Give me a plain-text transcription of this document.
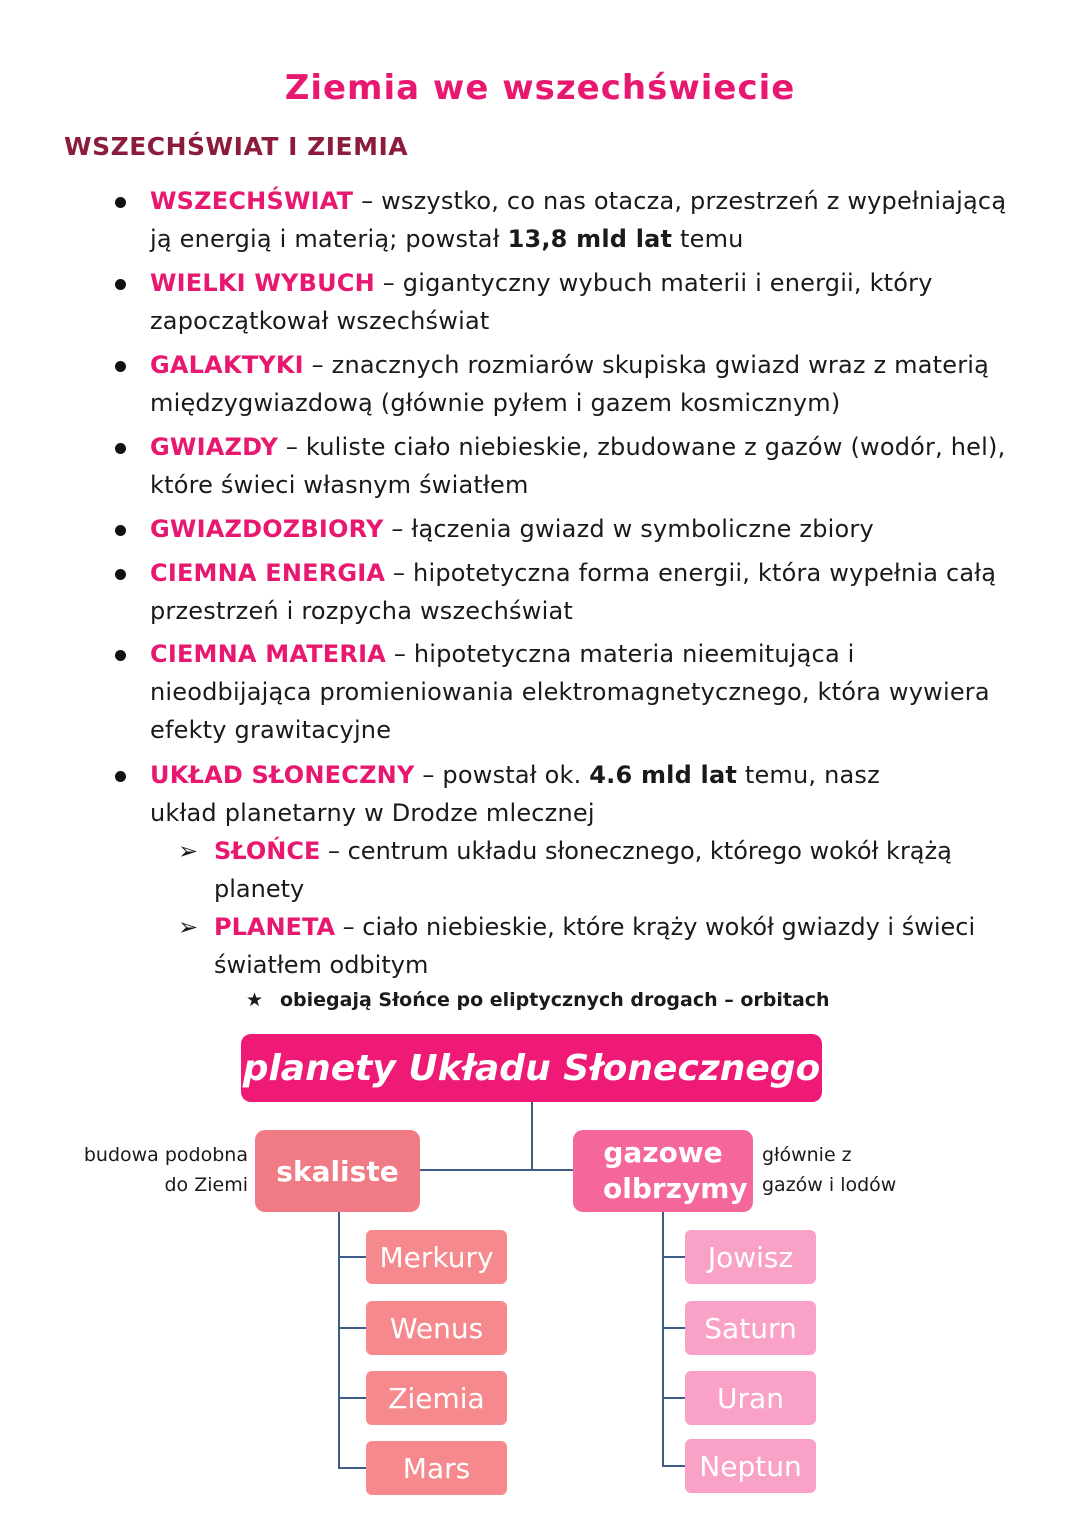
Ziemia we wszechświecie
WSZECHŚWIAT I ZIEMIA
WSZECHŚWIAT – wszystko, co nas otacza, przestrzeń z wypełniającą ją energią i materią; powstał 13,8 mld lat temu
WIELKI WYBUCH – gigantyczny wybuch materii i energii, który zapoczątkował wszechświat
GALAKTYKI – znacznych rozmiarów skupiska gwiazd wraz z materią międzygwiazdową (głównie pyłem i gazem kosmicznym)
GWIAZDY – kuliste ciało niebieskie, zbudowane z gazów (wodór, hel), które świeci własnym światłem
GWIAZDOZBIORY – łączenia gwiazd w symboliczne zbiory
CIEMNA ENERGIA – hipotetyczna forma energii, która wypełnia całą przestrzeń i rozpycha wszechświat
CIEMNA MATERIA – hipotetyczna materia nieemitująca i nieodbijająca promieniowania elektromagnetycznego, która wywiera efekty grawitacyjne
UKŁAD SŁONECZNY – powstał ok. 4.6 mld lat temu, nasz układ planetarny w Drodze mlecznej
➢ SŁOŃCE – centrum układu słonecznego, którego wokół krążą planety
➢ PLANETA – ciało niebieskie, które krąży wokół gwiazdy i świeci światłem odbitym
★ obiegają Słońce po eliptycznych drogach – orbitach
planety Układu Słonecznego
budowa podobna do Ziemi	skaliste
gazowe olbrzymy
głównie z gazów i lodów
Merkury
Wenus
Ziemia
Mars
Jowisz
Saturn
Uran
Neptun
